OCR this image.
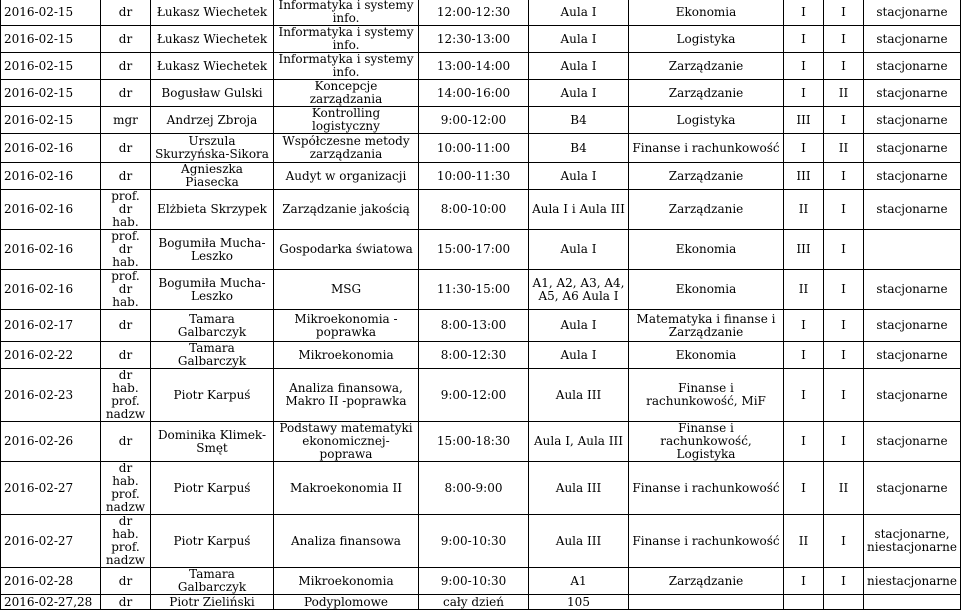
2016-02-15	dr	Łukasz Wiechetek	Informatyka i systemy info.	12:00-12:30	Aula I	Ekonomia	I	I	stacjonarne
2016-02-15	dr	Łukasz Wiechetek	Informatyka i systemy info.	12:30-13:00	Aula I	Logistyka	I	I	stacjonarne
2016-02-15	dr	Łukasz Wiechetek	Informatyka i systemy info.	13:00-14:00	Aula I	Zarządzanie	I	I	stacjonarne
2016-02-15	dr	Bogusław Gulski	Koncepcje zarządzania	14:00-16:00	Aula I	Zarządzanie	I	II	stacjonarne
2016-02-15	mgr	Andrzej Zbroja	Kontrolling logistyczny	9:00-12:00	B4	Logistyka	III	I	stacjonarne
2016-02-16	dr	Urszula Skurzyńska-Sikora	Współczesne metody zarządzania	10:00-11:00	B4	Finanse i rachunkowość	I	II	stacjonarne
2016-02-16	dr	Agnieszka Piasecka	Audyt w organizacji	10:00-11:30	Aula I	Zarządzanie	III	I	stacjonarne
2016-02-16	prof. dr hab.	Elżbieta Skrzypek	Zarządzanie jakością	8:00-10:00	Aula I i Aula III	Zarządzanie	II	I	stacjonarne
2016-02-16	prof. dr hab.	Bogumiła Mucha-Leszko	Gospodarka światowa	15:00-17:00	Aula I	Ekonomia	III	I	
2016-02-16	prof. dr hab.	Bogumiła Mucha-Leszko	MSG	11:30-15:00	A1, A2, A3, A4, A5, A6 Aula I	Ekonomia	II	I	stacjonarne
2016-02-17	dr	Tamara Galbarczyk	Mikroekonomia - poprawka	8:00-13:00	Aula I	Matematyka i finanse i Zarządzanie	I	I	stacjonarne
2016-02-22	dr	Tamara Galbarczyk	Mikroekonomia	8:00-12:30	Aula I	Ekonomia	I	I	stacjonarne
2016-02-23	dr hab. prof. nadzw	Piotr Karpuś	Analiza finansowa, Makro II -poprawka	9:00-12:00	Aula III	Finanse i rachunkowość, MiF	I	I	stacjonarne
2016-02-26	dr	Dominika Klimek-Smęt	Podstawy matematyki ekonomicznej-poprawa	15:00-18:30	Aula I, Aula III	Finanse i rachunkowość, Logistyka	I	I	stacjonarne
2016-02-27	dr hab. prof. nadzw	Piotr Karpuś	Makroekonomia II	8:00-9:00	Aula III	Finanse i rachunkowość	I	II	stacjonarne
2016-02-27	dr hab. prof. nadzw	Piotr Karpuś	Analiza finansowa	9:00-10:30	Aula III	Finanse i rachunkowość	II	I	stacjonarne, niestacjonarne
2016-02-28	dr	Tamara Galbarczyk	Mikroekonomia	9:00-10:30	A1	Zarządzanie	I	I	niestacjonarne
2016-02-27,28	dr	Piotr Zieliński	Podyplomowe	cały dzień	105				
